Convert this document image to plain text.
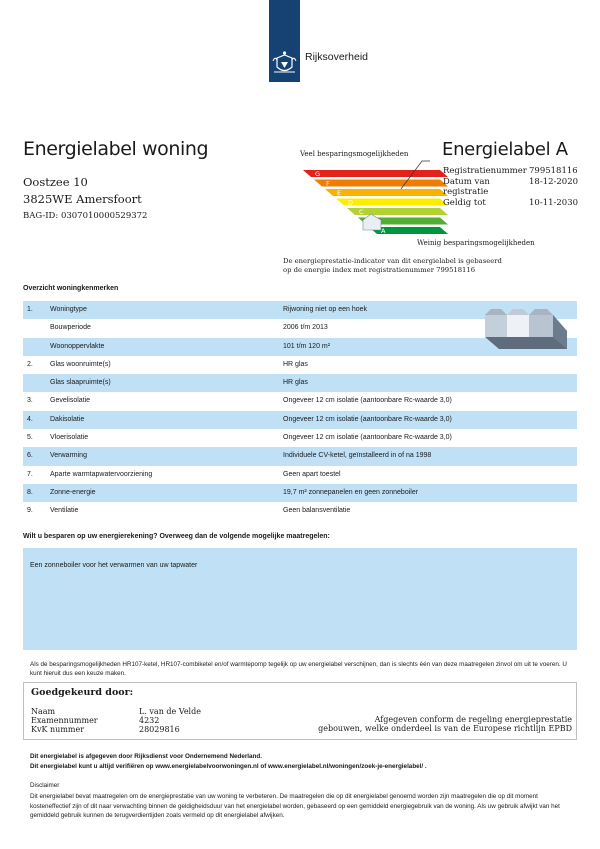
Rijksoverheid
Energielabel woning
Oostzee 10
3825WE Amersfoort
BAG-ID: 0307010000529372
Veel besparingsmogelijkheden
G
F
E
D
C
A
Weinig besparingsmogelijkheden
Energielabel A
Registratienummer 799518116
Datum van registratie
18-12-2020
Geldig tot	10-11-2030
De energieprestatie-indicator van dit energielabel is gebaseerd
op de energie index met registratienummer 799518116
Overzicht woningkenmerken
1. Woningtype	Rijwoning niet op een hoek
Bouwperiode	2006 t/m 2013
Woonoppervlakte	101 t/m 120 m²
2. Glas woonruimte(s)	HR glas
Glas slaapruimte(s)	HR glas
3. Gevelisolatie	Ongeveer 12 cm isolatie (aantoonbare Rc-waarde 3,0)
4. Dakisolatie	Ongeveer 12 cm isolatie (aantoonbare Rc-waarde 3,0)
5. Vloerisolatie	Ongeveer 12 cm isolatie (aantoonbare Rc-waarde 3,0)
6. Verwarming	Individuele CV-ketel, geïnstalleerd in of na 1998
7. Aparte warmtapwatervoorziening	Geen apart toestel
8. Zonne-energie	19,7 m² zonnepanelen en geen zonneboiler
9. Ventilatie	Geen balansventilatie
Wilt u besparen op uw energierekening? Overweeg dan de volgende mogelijke maatregelen:
Een zonneboiler voor het verwarmen van uw tapwater
Als de besparingsmogelijkheden HR107-ketel, HR107-combiketel en/of warmtepomp tegelijk op uw energielabel verschijnen, dan is slechts één van deze maatregelen zinvol om uit te voeren. U kunt hieruit dus een keuze maken.
Goedgekeurd door:
Naam	L. van de Velde
Examennummer	4232
KvK nummer	28029816
Afgegeven conform de regeling energieprestatie
gebouwen, welke onderdeel is van de Europese richtlijn EPBD
Dit energielabel is afgegeven door Rijksdienst voor Ondernemend Nederland.
Dit energielabel kunt u altijd verifiëren op www.energielabelvoorwoningen.nl of www.energielabel.nl/woningen/zoek-je-energielabel/ .
Disclaimer
Dit energielabel bevat maatregelen om de energieprestatie van uw woning te verbeteren. De maatregelen die op dit energielabel genoemd worden zijn maatregelen die op dit moment kosteneffectief zijn of dit naar verwachting binnen de geldigheidsduur van het energielabel worden, gebaseerd op een gemiddeld energiegebruik van de woning. Als uw gebruik afwijkt van het gemiddeld gebruik kunnen de terugverdientijden zoals vermeld op dit energielabel afwijken.
